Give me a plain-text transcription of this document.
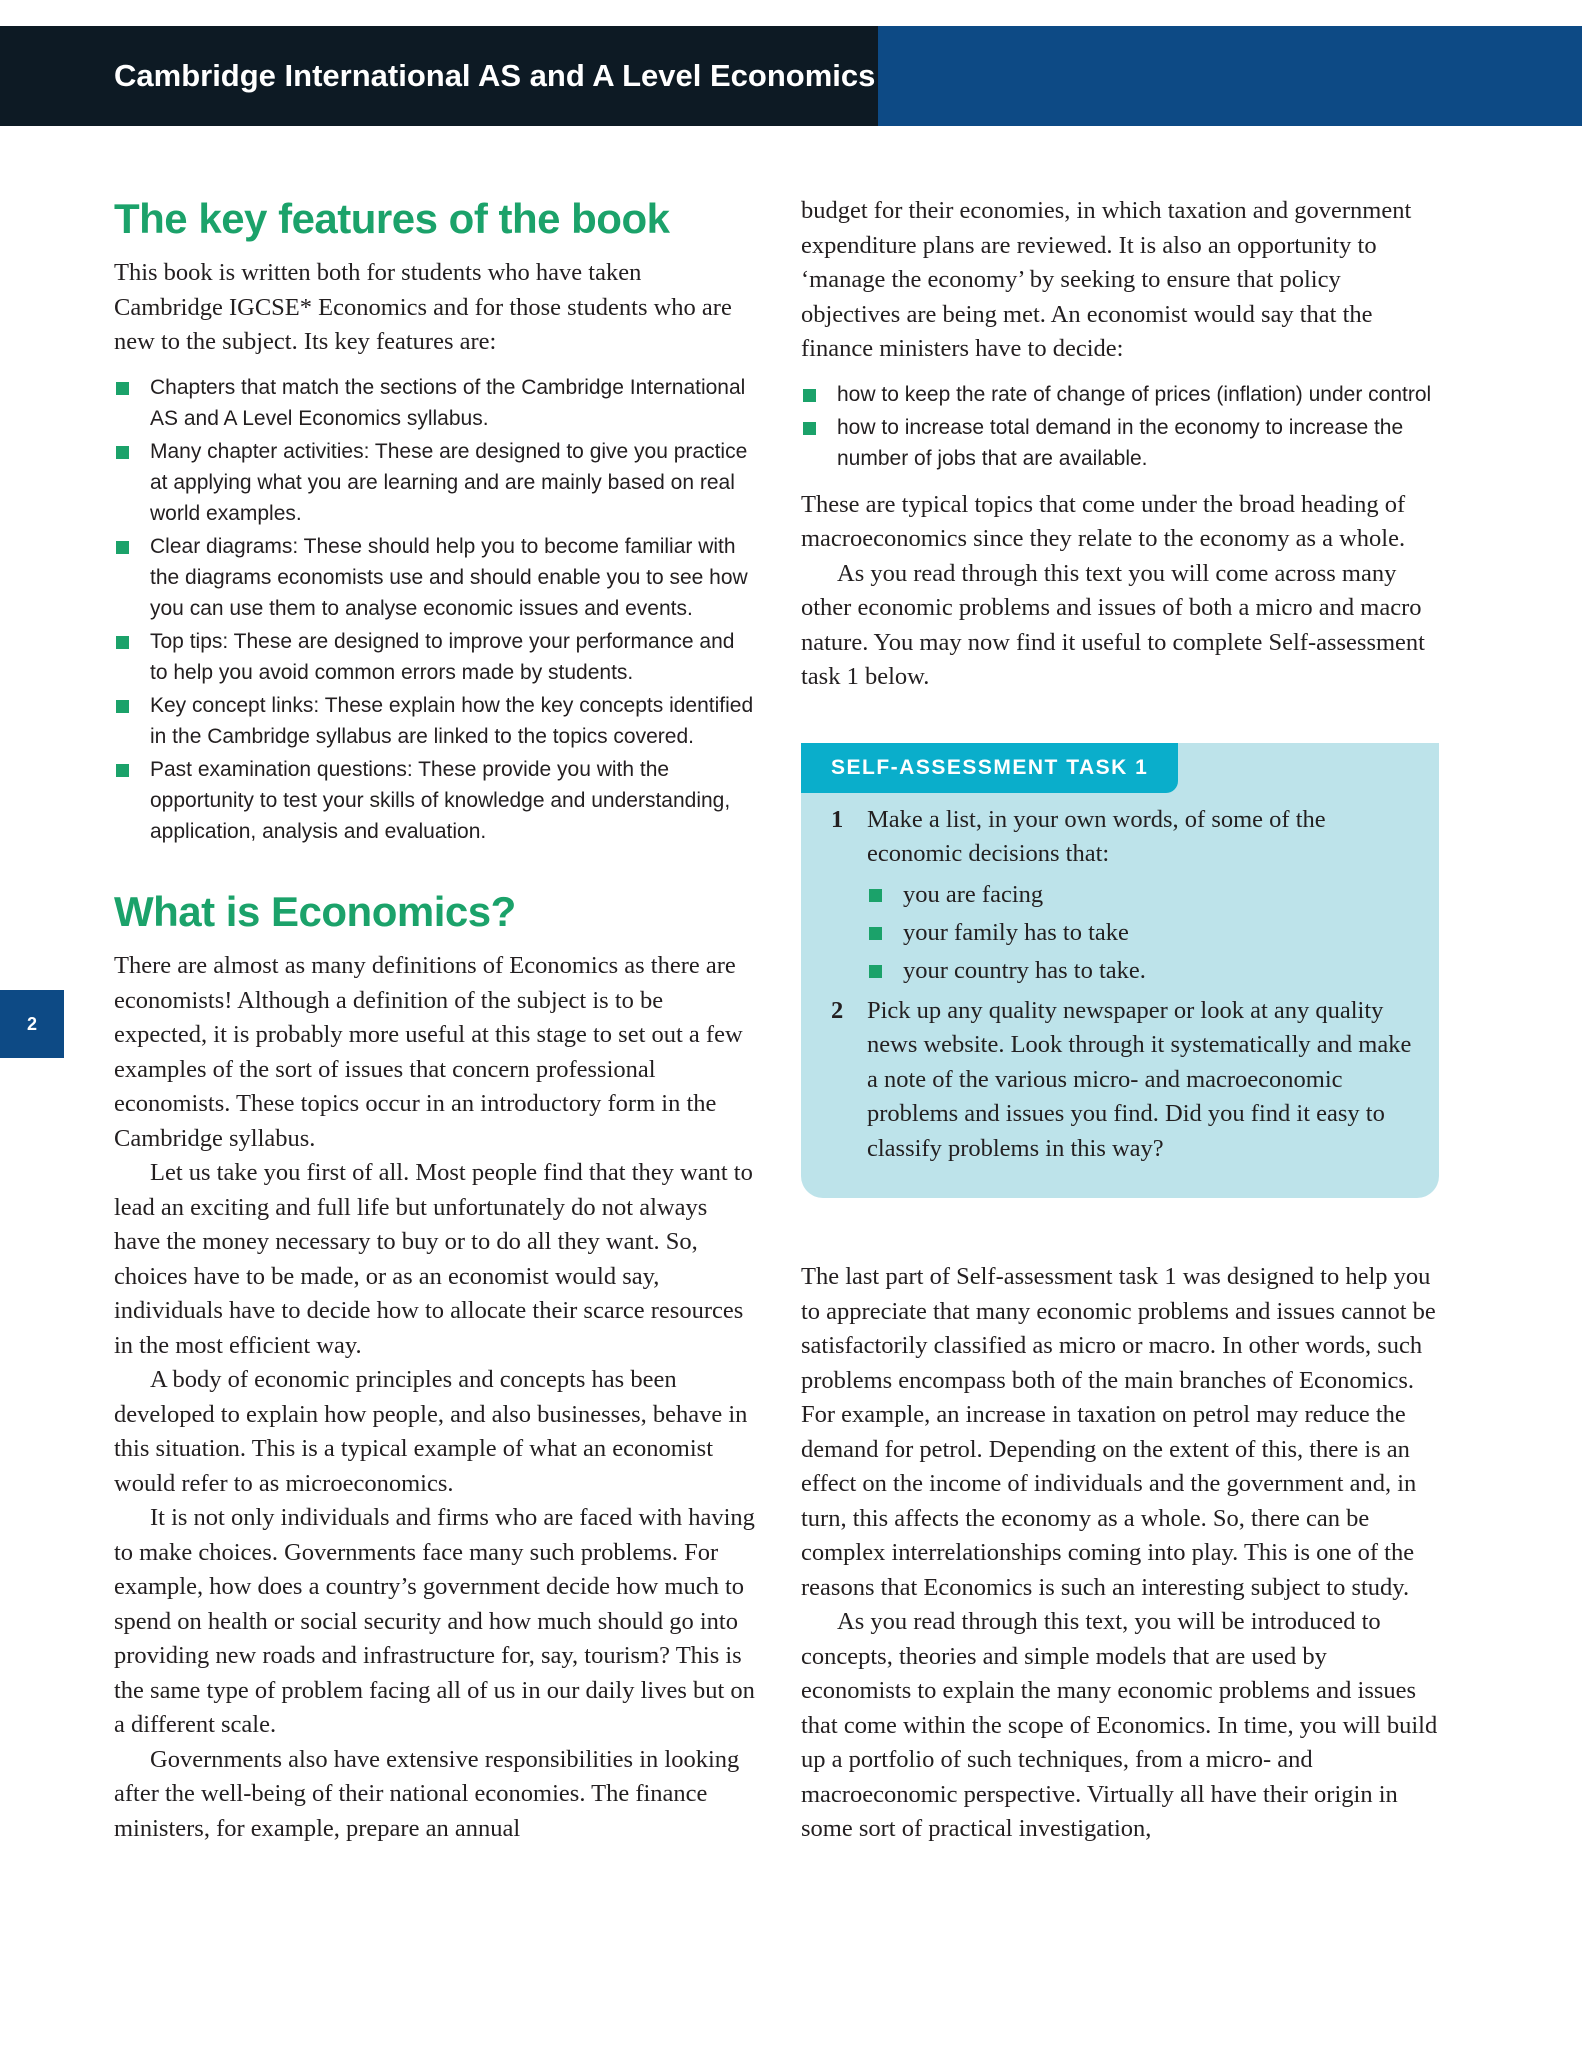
Cambridge International AS and A Level Economics
2
The key features of the book

This book is written both for students who have taken Cambridge IGCSE* Economics and for those students who are new to the subject. Its key features are:

Chapters that match the sections of the Cambridge International AS and A Level Economics syllabus.
Many chapter activities: These are designed to give you practice at applying what you are learning and are mainly based on real world examples.
Clear diagrams: These should help you to become familiar with the diagrams economists use and should enable you to see how you can use them to analyse economic issues and events.
Top tips: These are designed to improve your performance and to help you avoid common errors made by students.
Key concept links: These explain how the key concepts identified in the Cambridge syllabus are linked to the topics covered.
Past examination questions: These provide you with the opportunity to test your skills of knowledge and understanding, application, analysis and evaluation.
What is Economics?

There are almost as many definitions of Economics as there are economists! Although a definition of the subject is to be expected, it is probably more useful at this stage to set out a few examples of the sort of issues that concern professional economists. These topics occur in an introductory form in the Cambridge syllabus.

Let us take you first of all. Most people find that they want to lead an exciting and full life but unfortunately do not always have the money necessary to buy or to do all they want. So, choices have to be made, or as an economist would say, individuals have to decide how to allocate their scarce resources in the most efficient way.

A body of economic principles and concepts has been developed to explain how people, and also businesses, behave in this situation. This is a typical example of what an economist would refer to as microeconomics.

It is not only individuals and firms who are faced with having to make choices. Governments face many such problems. For example, how does a country’s government decide how much to spend on health or social security and how much should go into providing new roads and infrastructure for, say, tourism? This is the same type of problem facing all of us in our daily lives but on a different scale.

Governments also have extensive responsibilities in looking after the well-being of their national economies. The finance ministers, for example, prepare an annual

budget for their economies, in which taxation and government expenditure plans are reviewed. It is also an opportunity to ‘manage the economy’ by seeking to ensure that policy objectives are being met. An economist would say that the finance ministers have to decide:

how to keep the rate of change of prices (inflation) under control
how to increase total demand in the economy to increase the number of jobs that are available.

These are typical topics that come under the broad heading of macroeconomics since they relate to the economy as a whole.

As you read through this text you will come across many other economic problems and issues of both a micro and macro nature. You may now find it useful to complete Self-assessment task 1 below.

SELF-ASSESSMENT TASK 1
1 Make a list, in your own words, of some of the economic decisions that:
you are facing
your family has to take
your country has to take.
2 Pick up any quality newspaper or look at any quality news website. Look through it systematically and make a note of the various micro- and macroeconomic problems and issues you find. Did you find it easy to classify problems in this way?

The last part of Self-assessment task 1 was designed to help you to appreciate that many economic problems and issues cannot be satisfactorily classified as micro or macro. In other words, such problems encompass both of the main branches of Economics. For example, an increase in taxation on petrol may reduce the demand for petrol. Depending on the extent of this, there is an effect on the income of individuals and the government and, in turn, this affects the economy as a whole. So, there can be complex interrelationships coming into play. This is one of the reasons that Economics is such an interesting subject to study.

As you read through this text, you will be introduced to concepts, theories and simple models that are used by economists to explain the many economic problems and issues that come within the scope of Economics. In time, you will build up a portfolio of such techniques, from a micro- and macroeconomic perspective. Virtually all have their origin in some sort of practical investigation,
